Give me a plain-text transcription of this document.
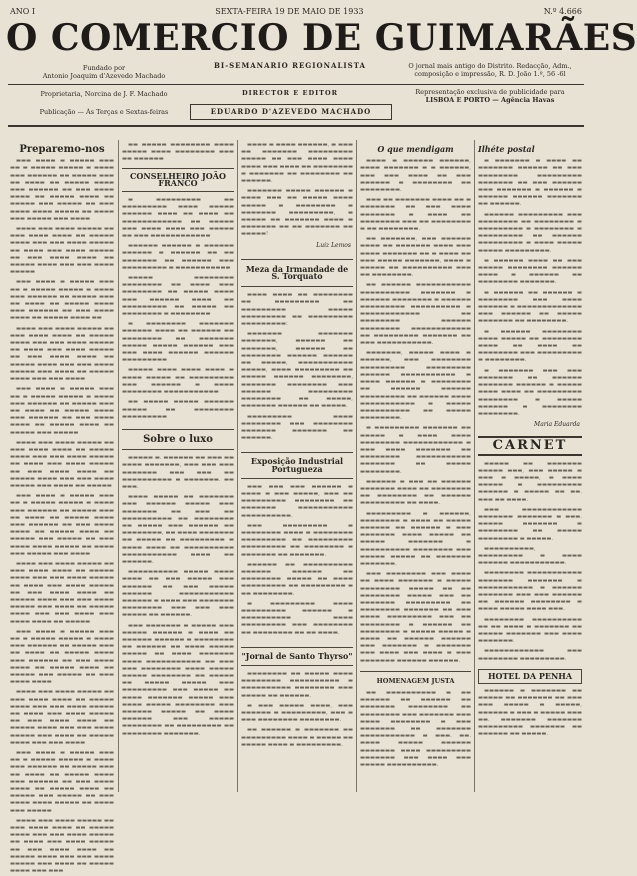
ANO I	SEXTA-FEIRA 19 DE MAIO DE 1933	N.º 4.666
O COMERCIO DE GUIMARÃES
Fundado por
Antonio Joaquim d'Azevedo Machado
BI-SEMANARIO REGIONALISTA	O jornal mais antigo do Distrito. Redacção, Adm., composição e impressão, R. D. João 1.º, 56 -6l
Proprietaria, Norcina de J. F. Machado	DIRECTOR E EDITOR	Representação exclusiva de publicidade para
LISBOA E PORTO — Agência Havas
Publicação — Às Terças e Sextas-feiras	EDUARDO D'AZEVEDO MACHADO
Preparemo-nos

▬▬▬ ▬▬▬▬ ▬ ▬▬▬▬▬ ▬▬▬ ▬▬ ▬ ▬▬▬▬▬ ▬▬▬▬▬ ▬ ▬▬▬▬ ▬▬▬ ▬▬▬▬▬▬ ▬▬ ▬▬▬▬▬ ▬▬▬ ▬▬ ▬▬▬▬ ▬▬ ▬▬▬▬▬ ▬▬▬▬ ▬▬▬ ▬▬▬▬▬▬ ▬▬ ▬▬▬ ▬▬▬▬ ▬▬▬▬ ▬▬ ▬▬▬▬▬ ▬▬▬▬ ▬▬ ▬▬▬▬▬ ▬▬▬ ▬▬▬▬▬ ▬▬ ▬▬▬ ▬▬▬▬ ▬▬▬▬ ▬▬▬▬▬ ▬▬ ▬▬▬▬ ▬▬▬ ▬▬▬▬▬ ▬▬▬ ▬▬▬▬

▬▬▬▬ ▬▬▬ ▬▬▬▬ ▬▬▬▬▬ ▬▬ ▬▬▬ ▬▬▬▬ ▬▬▬▬ ▬▬ ▬▬▬▬▬ ▬▬▬▬ ▬▬▬ ▬▬▬ ▬▬▬▬ ▬▬▬▬▬ ▬▬ ▬▬▬▬ ▬▬▬ ▬▬▬▬ ▬▬▬▬▬ ▬▬ ▬▬▬ ▬▬▬▬ ▬▬▬▬ ▬▬ ▬▬▬▬▬ ▬▬▬▬ ▬▬▬ ▬▬▬ ▬▬▬▬ ▬▬▬▬▬

▬▬▬ ▬▬▬▬ ▬ ▬▬▬▬▬ ▬▬▬ ▬▬ ▬ ▬▬▬▬▬ ▬▬▬▬▬ ▬ ▬▬▬▬ ▬▬▬ ▬▬▬▬▬▬ ▬▬ ▬▬▬▬▬ ▬▬▬ ▬▬ ▬▬▬▬ ▬▬ ▬▬▬▬▬ ▬▬▬▬ ▬▬▬ ▬▬▬▬▬▬ ▬▬ ▬▬▬ ▬▬▬▬ ▬▬▬▬ ▬▬ ▬▬▬▬▬ ▬▬▬▬ ▬▬

▬▬▬▬ ▬▬▬ ▬▬▬▬ ▬▬▬▬▬ ▬▬ ▬▬▬ ▬▬▬▬ ▬▬▬▬ ▬▬ ▬▬▬▬▬ ▬▬▬▬ ▬▬▬ ▬▬▬ ▬▬▬▬ ▬▬▬▬▬ ▬▬ ▬▬▬▬ ▬▬▬ ▬▬▬▬ ▬▬▬▬▬ ▬▬ ▬▬▬ ▬▬▬▬ ▬▬▬▬ ▬▬ ▬▬▬▬▬ ▬▬▬▬ ▬▬▬ ▬▬▬ ▬▬▬▬ ▬▬▬▬▬ ▬▬▬ ▬▬▬▬ ▬▬ ▬▬▬▬▬ ▬▬▬▬ ▬▬▬ ▬▬▬ ▬▬▬▬

▬▬▬ ▬▬▬▬ ▬ ▬▬▬▬▬ ▬▬▬ ▬▬ ▬ ▬▬▬▬▬ ▬▬▬▬▬ ▬ ▬▬▬▬ ▬▬▬ ▬▬▬▬▬▬ ▬▬ ▬▬▬▬▬ ▬▬▬ ▬▬ ▬▬▬▬ ▬▬ ▬▬▬▬▬ ▬▬▬▬ ▬▬▬ ▬▬▬▬▬▬ ▬▬ ▬▬▬ ▬▬▬▬ ▬▬▬▬ ▬▬ ▬▬▬▬▬ ▬▬▬▬ ▬▬ ▬▬▬▬▬ ▬▬▬ ▬▬▬▬▬

▬▬▬▬ ▬▬▬ ▬▬▬▬ ▬▬▬▬▬ ▬▬ ▬▬▬ ▬▬▬▬ ▬▬▬▬ ▬▬ ▬▬▬▬▬ ▬▬▬▬ ▬▬▬ ▬▬▬ ▬▬▬▬ ▬▬▬▬▬ ▬▬ ▬▬▬▬ ▬▬▬ ▬▬▬▬ ▬▬▬▬▬ ▬▬ ▬▬▬ ▬▬▬▬ ▬▬▬▬ ▬▬ ▬▬▬▬▬ ▬▬▬▬ ▬▬▬ ▬▬▬ ▬▬▬▬ ▬▬▬▬▬ ▬▬▬ ▬▬▬▬ ▬▬ ▬▬▬▬▬

▬▬▬ ▬▬▬▬ ▬ ▬▬▬▬▬ ▬▬▬ ▬▬ ▬ ▬▬▬▬▬ ▬▬▬▬▬ ▬ ▬▬▬▬ ▬▬▬ ▬▬▬▬▬▬ ▬▬ ▬▬▬▬▬ ▬▬▬ ▬▬ ▬▬▬▬ ▬▬ ▬▬▬▬▬ ▬▬▬▬ ▬▬▬ ▬▬▬▬▬▬ ▬▬ ▬▬▬ ▬▬▬▬ ▬▬▬▬ ▬▬ ▬▬▬▬▬ ▬▬▬▬ ▬▬ ▬▬▬▬▬ ▬▬▬ ▬▬▬▬▬ ▬▬ ▬▬▬ ▬▬▬▬ ▬▬▬▬ ▬▬▬▬▬ ▬▬ ▬▬▬▬ ▬▬▬ ▬▬▬▬▬ ▬▬▬ ▬▬▬▬

▬▬▬▬ ▬▬▬ ▬▬▬▬ ▬▬▬▬▬ ▬▬ ▬▬▬ ▬▬▬▬ ▬▬▬▬ ▬▬ ▬▬▬▬▬ ▬▬▬▬ ▬▬▬ ▬▬▬ ▬▬▬▬ ▬▬▬▬▬ ▬▬ ▬▬▬▬ ▬▬▬ ▬▬▬▬ ▬▬▬▬▬ ▬▬ ▬▬▬ ▬▬▬▬ ▬▬▬▬ ▬▬ ▬▬▬▬▬ ▬▬▬▬ ▬▬▬ ▬▬▬ ▬▬▬▬ ▬▬▬▬▬ ▬▬▬ ▬▬▬▬ ▬▬ ▬▬▬▬▬ ▬▬▬▬ ▬▬▬ ▬▬▬ ▬▬▬▬ ▬▬▬ ▬▬▬▬ ▬▬▬▬ ▬▬ ▬▬▬▬▬

▬▬▬ ▬▬▬▬ ▬ ▬▬▬▬▬ ▬▬▬ ▬▬ ▬ ▬▬▬▬▬ ▬▬▬▬▬ ▬ ▬▬▬▬ ▬▬▬ ▬▬▬▬▬▬ ▬▬ ▬▬▬▬▬ ▬▬▬ ▬▬ ▬▬▬▬ ▬▬ ▬▬▬▬▬ ▬▬▬▬ ▬▬▬ ▬▬▬▬▬▬ ▬▬ ▬▬▬ ▬▬▬▬ ▬▬▬▬ ▬▬ ▬▬▬▬▬ ▬▬▬▬ ▬▬ ▬▬▬▬▬ ▬▬▬ ▬▬▬▬▬ ▬▬ ▬▬▬ ▬▬▬▬ ▬▬▬▬

▬▬▬▬ ▬▬▬ ▬▬▬▬ ▬▬▬▬▬ ▬▬ ▬▬▬ ▬▬▬▬ ▬▬▬▬ ▬▬ ▬▬▬▬▬ ▬▬▬▬ ▬▬▬ ▬▬▬ ▬▬▬▬ ▬▬▬▬▬ ▬▬ ▬▬▬▬ ▬▬▬ ▬▬▬▬ ▬▬▬▬▬ ▬▬ ▬▬▬ ▬▬▬▬ ▬▬▬▬ ▬▬ ▬▬▬▬▬ ▬▬▬▬ ▬▬▬ ▬▬▬ ▬▬▬▬ ▬▬▬▬▬ ▬▬▬ ▬▬▬▬ ▬▬ ▬▬▬▬▬ ▬▬▬▬ ▬▬▬ ▬▬▬ ▬▬▬▬

▬▬▬ ▬▬▬▬ ▬ ▬▬▬▬▬ ▬▬▬ ▬▬ ▬ ▬▬▬▬▬ ▬▬▬▬▬ ▬ ▬▬▬▬ ▬▬▬ ▬▬▬▬▬▬ ▬▬ ▬▬▬▬▬ ▬▬▬ ▬▬ ▬▬▬▬ ▬▬ ▬▬▬▬▬ ▬▬▬▬ ▬▬▬ ▬▬▬▬▬▬ ▬▬ ▬▬▬ ▬▬▬▬ ▬▬▬▬ ▬▬ ▬▬▬▬▬ ▬▬▬▬ ▬▬ ▬▬▬▬▬ ▬▬▬ ▬▬▬▬▬ ▬▬ ▬▬▬ ▬▬▬▬ ▬▬▬▬ ▬▬▬▬▬ ▬▬ ▬▬▬▬ ▬▬▬ ▬▬▬▬▬

▬▬▬▬ ▬▬▬ ▬▬▬▬ ▬▬▬▬▬ ▬▬ ▬▬▬ ▬▬▬▬ ▬▬▬▬ ▬▬ ▬▬▬▬▬ ▬▬▬▬ ▬▬▬ ▬▬▬ ▬▬▬▬ ▬▬▬▬▬ ▬▬ ▬▬▬▬ ▬▬▬ ▬▬▬▬ ▬▬▬▬▬ ▬▬ ▬▬▬ ▬▬▬▬ ▬▬▬▬ ▬▬ ▬▬▬▬▬ ▬▬▬▬ ▬▬▬ ▬▬▬ ▬▬▬▬ ▬▬▬▬▬ ▬▬▬ ▬▬▬▬ ▬▬ ▬▬▬▬▬ ▬▬▬▬ ▬▬▬ ▬▬▬

▬▬ ▬▬▬▬▬ ▬▬▬▬▬▬▬▬ ▬▬▬▬ ▬▬▬▬▬ ▬▬▬▬ ▬▬▬▬▬▬▬▬ ▬▬▬ ▬▬ ▬▬▬▬▬▬

CONSELHEIRO JOÃO FRANCO

▬ ▬▬▬▬▬▬▬▬▬ ▬▬ ▬▬▬▬▬▬▬▬▬ ▬▬▬▬ ▬▬▬▬▬ ▬▬▬▬▬▬ ▬▬▬▬ ▬▬ ▬▬▬▬ ▬▬ ▬▬▬▬▬▬▬▬▬▬▬▬ ▬▬ ▬▬▬▬▬ ▬▬▬ ▬▬▬▬ ▬▬▬▬ ▬▬▬ ▬▬▬▬▬ ▬▬ ▬▬▬ ▬▬▬▬▬▬▬▬▬▬▬▬

▬▬▬▬▬▬ ▬▬▬▬▬▬ ▬ ▬▬▬▬▬▬ ▬▬▬▬▬▬ ▬ ▬▬▬▬▬▬ ▬▬ ▬▬ ▬▬▬▬▬▬▬ ▬▬ ▬▬▬▬▬▬ ▬▬▬ ▬▬▬▬▬▬▬▬▬ ▬ ▬▬▬▬▬▬▬▬▬▬▬

▬▬▬▬▬ ▬▬▬▬▬▬▬▬ ▬▬▬▬▬▬▬▬ ▬▬ ▬▬▬▬ ▬▬▬ ▬▬▬▬▬▬▬▬ ▬▬ ▬▬▬▬▬ ▬▬▬▬ ▬▬▬ ▬▬▬▬▬▬ ▬▬▬▬ ▬▬ ▬▬▬▬▬▬▬▬▬ ▬▬ ▬▬▬▬▬ ▬▬ ▬▬▬▬▬▬▬▬ ▬ ▬▬▬▬▬▬▬▬

▬ ▬▬▬▬▬▬▬▬ ▬▬▬▬▬▬▬ ▬▬▬▬▬▬ ▬▬▬▬ ▬▬ ▬▬▬▬▬▬ ▬▬ ▬▬▬▬▬▬▬▬ ▬▬ ▬▬▬▬▬▬▬ ▬▬▬▬▬ ▬▬▬▬▬ ▬▬▬▬▬▬ ▬▬▬ ▬▬▬ ▬▬▬▬ ▬▬▬▬▬▬ ▬▬▬▬▬▬ ▬▬▬▬▬▬▬▬▬

▬▬▬▬▬ ▬▬▬▬ ▬▬▬▬ ▬▬▬▬ ▬ ▬▬▬▬ ▬▬▬▬▬ ▬▬ ▬▬▬▬▬▬▬▬▬ ▬▬▬ ▬▬▬▬▬▬ ▬ ▬▬▬▬ ▬▬▬▬▬▬▬▬ ▬▬▬▬▬▬▬▬▬▬▬

▬▬ ▬▬▬▬▬ ▬▬▬▬▬ ▬▬▬▬▬▬ ▬▬▬▬▬ ▬▬ ▬▬▬▬▬▬▬▬ ▬▬▬▬▬▬▬▬▬

Sobre o luxo

▬▬▬▬▬ ▬. ▬▬▬▬▬▬ ▬▬ ▬▬▬ ▬▬ ▬▬▬▬ ▬▬▬▬▬▬▬, ▬▬▬ ▬▬▬ ▬▬▬ ▬▬▬▬▬▬▬ ▬▬▬ ▬▬▬ ▬▬ ▬▬▬▬▬▬▬▬▬▬ ▬ ▬▬▬▬▬▬▬. ▬▬ ▬▬▬.

▬▬▬▬ ▬▬▬▬▬ ▬▬ ▬▬▬▬▬▬▬ ▬▬▬ ▬▬▬▬▬▬ ▬▬▬▬▬ ▬▬▬ ▬▬▬▬▬▬▬ ▬▬ ▬▬▬ ▬▬ ▬▬▬▬▬▬▬▬▬▬ ▬▬ ▬▬▬▬▬▬▬▬ ▬▬ ▬▬▬▬▬ ▬▬▬ ▬▬▬▬▬▬ ▬▬ ▬▬▬▬▬▬▬▬, ▬▬ ▬▬▬▬ ▬▬▬▬▬▬▬ ▬▬ ▬▬▬▬▬ ▬▬ ▬▬▬▬▬▬▬▬▬ ▬ ▬▬▬▬ ▬▬▬▬ ▬▬ ▬▬▬▬▬▬▬▬▬▬ ▬▬▬▬▬▬▬▬▬▬▬ ▬▬▬▬ ▬▬ ▬▬▬▬▬▬.

▬▬▬▬▬▬▬▬▬▬ ▬▬▬▬▬ ▬▬▬▬ ▬▬▬▬ ▬▬ ▬▬▬ ▬▬▬▬▬ ▬▬▬ ▬▬▬▬▬▬ ▬▬ ▬▬▬ ▬▬▬▬▬ ▬▬▬▬▬▬ ▬▬▬▬▬▬▬▬▬▬▬ ▬▬▬▬▬▬ ▬ ▬▬▬▬ ▬▬▬ ▬▬▬▬▬▬▬ ▬▬▬▬▬▬▬▬ ▬▬▬ ▬▬▬ ▬▬▬ ▬▬▬▬▬ ▬▬ ▬▬▬▬▬▬.

▬▬▬ ▬▬▬▬▬▬▬ ▬ ▬▬▬▬▬ ▬▬▬ ▬▬▬▬▬ ▬▬▬▬▬▬ ▬ ▬▬▬▬ ▬▬ ▬▬▬▬▬▬ ▬▬▬▬▬▬ ▬ ▬▬▬▬▬▬▬▬ ▬▬ ▬▬▬▬▬▬ ▬▬ ▬▬▬▬ ▬▬▬▬▬ ▬▬▬▬▬ ▬▬ ▬▬▬▬ ▬▬▬▬▬▬▬ ▬▬▬▬ ▬▬▬▬▬▬▬▬▬▬▬ ▬▬ ▬▬▬ ▬▬▬ ▬▬▬▬▬▬▬▬ ▬▬▬▬ ▬▬▬▬▬ ▬▬▬▬▬ ▬▬▬▬▬▬▬▬ ▬▬ ▬▬▬▬▬ ▬▬ ▬▬▬▬▬ ▬▬▬▬▬ ▬▬▬ ▬▬▬▬▬▬▬▬▬ ▬▬▬ ▬▬▬▬▬ ▬▬ ▬▬▬▬ ▬▬▬▬▬▬▬ ▬▬▬▬▬ ▬▬▬ ▬▬▬▬ ▬▬▬▬▬ ▬▬▬▬▬▬▬▬ ▬▬▬ ▬▬▬▬▬▬ ▬▬▬▬▬ ▬▬ ▬▬▬▬ ▬▬▬▬▬▬ ▬▬▬ ▬▬▬▬▬ ▬▬▬▬▬▬▬▬ ▬▬ ▬▬▬▬▬▬▬▬▬ ▬▬ ▬▬▬▬▬▬▬▬ ▬▬▬▬▬▬▬.

▬▬▬▬ ▬ ▬▬▬▬ ▬▬▬▬▬▬, ▬ ▬▬▬ ▬▬ ▬▬▬▬▬▬▬ ▬▬▬▬▬▬▬▬▬ ▬▬▬▬▬ ▬▬ ▬▬▬ ▬▬▬▬ ▬▬▬▬ ▬▬▬▬ ▬▬▬ ▬▬▬▬ ▬▬ ▬▬▬▬▬▬▬▬ ▬ ▬▬▬▬▬▬▬ ▬▬ ▬▬▬▬▬▬▬▬ ▬▬ ▬▬▬▬▬▬.

▬▬▬▬▬▬▬ ▬▬▬▬▬ ▬▬▬▬▬▬ ▬ ▬▬▬▬ ▬▬▬ ▬▬ ▬▬▬▬▬ ▬▬▬▬ ▬▬▬▬▬ ▬ ▬▬▬▬▬▬▬▬ ▬ ▬▬▬▬▬▬▬ ▬▬▬▬▬▬▬▬▬, ▬ ▬▬▬▬▬ ▬▬ ▬▬▬▬▬▬▬ ▬▬▬▬ ▬ ▬▬▬▬▬▬▬ ▬▬ ▬▬ ▬▬▬▬▬▬▬ ▬▬ ▬▬▬▬▬!

Luiz Lemos
Meza da Irmandade de S. Torquato

▬▬▬▬ ▬▬▬▬ ▬▬ ▬▬▬▬▬▬▬▬ ▬▬ ▬▬▬▬▬▬▬▬▬ ▬▬ ▬▬▬▬▬▬▬▬▬ ▬▬▬▬▬ ▬▬▬▬▬▬▬▬▬ ▬▬ ▬▬▬▬▬▬▬▬▬ ▬▬▬▬▬▬▬▬▬:

▬▬▬▬▬▬▬ ▬▬▬▬▬▬▬ ▬▬▬▬▬▬▬, ▬▬▬▬▬▬ ▬▬ ▬▬▬▬▬▬▬, ▬▬▬▬▬▬ ▬▬ ▬▬▬▬▬▬▬▬ ▬▬▬▬▬▬ ▬▬▬▬▬▬ ▬▬ ▬▬▬▬▬, ▬▬▬▬▬▬▬▬▬▬▬ ▬▬▬▬▬, ▬▬▬▬ ▬▬▬▬▬▬▬▬▬ ▬▬ ▬▬▬▬▬ ▬▬▬▬▬▬ ▬▬▬▬▬▬▬▬, ▬▬▬▬▬▬▬ ▬▬▬▬▬▬▬▬ ▬▬▬ ▬▬▬▬▬▬ ▬▬▬▬▬▬▬▬▬ ▬▬▬▬▬▬▬▬ ▬▬ ▬▬▬▬▬, ▬▬▬▬▬▬▬ ▬▬▬▬▬▬ ▬▬ ▬▬▬▬▬.

▬▬▬▬▬▬▬▬▬ ▬▬▬▬ ▬▬▬▬▬▬▬▬ ▬▬▬ ▬▬▬▬▬▬▬▬ ▬▬▬▬▬▬▬ ▬▬▬▬▬▬▬ ▬▬ ▬▬▬▬▬▬.

Exposição Industrial Portugueza

▬▬▬ ▬▬▬ ▬▬▬ ▬▬▬▬▬▬ ▬ ▬▬▬▬ ▬ ▬▬▬ ▬▬▬▬▬, ▬▬▬ ▬▬ ▬▬▬▬▬▬▬▬▬ ▬▬▬▬▬▬▬▬ ▬▬ ▬▬▬▬▬▬▬ ▬▬▬▬▬▬▬▬▬▬▬ ▬▬▬▬▬▬▬▬▬▬.

▬▬▬ ▬▬▬▬▬▬▬▬▬ ▬ ▬▬▬▬▬▬▬▬ ▬▬▬▬ ▬ ▬▬▬▬▬▬▬▬ ▬▬▬▬▬▬▬▬▬ ▬▬ ▬▬▬▬▬▬▬▬▬ ▬▬▬▬▬▬▬▬▬ ▬▬ ▬▬▬▬▬▬▬▬ ▬ ▬▬▬▬▬▬▬ ▬▬ ▬▬▬▬▬▬▬.

▬▬▬▬▬▬ ▬▬ ▬▬▬▬▬▬▬▬▬▬ ▬▬▬▬▬▬ ▬▬▬▬▬▬ ▬▬ ▬▬▬▬▬▬▬▬ ▬▬▬▬▬ ▬▬ ▬▬▬▬ ▬▬▬▬▬▬▬▬▬ ▬▬ ▬▬▬▬▬▬▬▬▬ ▬ ▬▬ ▬▬▬▬▬▬▬▬.

▬ ▬▬▬▬▬▬▬▬▬ ▬▬▬▬ ▬▬▬▬▬▬▬▬▬ ▬▬▬▬▬▬ ▬ ▬▬▬▬▬▬▬▬▬▬ ▬▬▬▬ ▬▬▬▬▬▬▬▬▬ ▬▬▬ ▬▬▬▬▬▬▬▬ ▬▬ ▬▬▬▬▬▬▬▬ ▬▬ ▬▬ ▬▬▬▬.

"Jornal de Santo Thyrso"

▬▬▬▬▬▬▬▬ ▬▬ ▬▬▬▬▬ ▬▬▬▬ ▬▬▬▬▬▬▬▬ ▬▬▬▬▬▬▬▬▬▬ ▬ ▬▬▬▬▬▬▬▬▬▬ ▬▬▬▬▬▬▬▬ ▬▬▬ ▬▬▬▬▬ ▬▬ ▬▬▬▬▬▬.

▬ ▬▬▬ ▬▬▬▬▬ ▬▬▬▬, ▬▬▬ ▬▬▬▬▬▬ ▬ ▬▬▬▬▬▬▬▬▬, ▬▬▬ ▬ ▬▬▬ ▬▬▬▬▬▬▬▬ ▬▬▬▬▬▬▬▬.

▬▬ ▬▬▬▬▬▬ ▬ ▬▬▬▬▬▬▬ ▬▬ ▬▬▬▬▬▬▬▬▬ ▬▬▬▬ ▬ ▬▬▬▬▬ ▬▬ ▬▬▬▬▬ ▬▬▬▬ ▬ ▬▬▬▬▬▬▬▬▬.

O que mendigam

▬▬▬▬ ▬ ▬▬▬▬▬▬ ▬▬▬▬▬▬, ▬▬▬▬ ▬▬▬▬▬▬▬ ▬ ▬ ▬▬▬▬▬▬, ▬▬▬ ▬▬▬ ▬▬▬▬ ▬▬ ▬▬▬ ▬▬▬▬▬▬ ▬ ▬▬▬▬▬▬▬▬ ▬▬ ▬▬▬▬▬▬▬▬.

▬▬▬ ▬▬ ▬▬▬▬▬▬▬ ▬▬▬▬ ▬▬ ▬ ▬▬▬▬▬▬▬ ▬▬ ▬▬▬ ▬▬▬▬ ▬▬▬▬▬▬▬ ▬ ▬▬▬▬ ▬▬ ▬▬▬▬▬▬▬▬ ▬▬▬ ▬▬ ▬▬▬▬▬▬▬▬ ▬ ▬▬ ▬▬▬▬▬▬▬▬.

▬▬ ▬▬▬▬▬▬▬, ▬▬▬ ▬▬▬▬▬▬ ▬▬▬▬ ▬▬ ▬▬▬▬▬▬▬ ▬▬▬▬ ▬▬▬ ▬▬▬▬ ▬▬▬▬▬▬▬ ▬▬ ▬ ▬▬▬▬ ▬▬ ▬▬▬ ▬▬▬▬▬ ▬▬▬▬▬▬▬, ▬▬▬▬ ▬ ▬▬▬▬▬ ▬▬ ▬▬▬▬▬▬▬▬▬▬ ▬▬▬ ▬▬ ▬▬▬▬▬▬▬▬.

▬▬ ▬▬▬▬▬▬ ▬▬▬▬▬▬▬▬▬▬▬ ▬▬▬▬▬▬▬▬▬▬ ▬▬▬▬▬▬▬ ▬ ▬▬▬▬▬▬ ▬▬▬▬▬▬▬▬ ▬ ▬▬▬▬▬▬ ▬▬▬▬▬▬▬▬▬ ▬▬▬▬▬▬▬▬▬▬ ▬ ▬▬▬▬▬▬▬▬▬▬▬▬ ▬▬ ▬▬▬▬▬▬▬▬ ▬▬▬▬▬▬ ▬▬▬▬▬▬▬▬ ▬▬▬▬▬▬▬▬▬▬▬▬ ▬▬ ▬▬▬▬▬▬▬▬▬ ▬▬▬▬▬▬▬ ▬▬ ▬▬▬ ▬▬▬▬▬▬▬▬▬▬▬.

▬▬▬▬▬▬▬, ▬▬▬▬▬ ▬▬▬▬ ▬ ▬▬▬▬▬▬, ▬▬▬ ▬▬▬▬▬▬▬▬ ▬▬▬▬▬▬▬▬▬ ▬▬▬▬▬▬▬▬▬ ▬▬▬▬▬▬ ▬▬▬▬▬▬▬▬▬▬▬ ▬ ▬▬▬▬ ▬▬▬▬▬▬ ▬ ▬▬▬▬▬▬▬▬ ▬▬ ▬▬▬▬▬▬ ▬▬▬▬▬▬ ▬▬▬▬▬▬▬▬▬ ▬▬ ▬▬▬▬▬▬ ▬▬▬▬ ▬▬▬▬▬▬▬▬▬▬▬ ▬ ▬▬▬▬▬ ▬▬▬▬▬▬▬▬▬▬ ▬▬ ▬▬▬▬▬ ▬▬▬▬▬▬▬▬.

▬ ▬▬▬▬▬▬▬▬▬ ▬▬▬▬▬▬▬ ▬▬ ▬▬▬▬▬ ▬ ▬▬▬▬ ▬▬▬▬ ▬▬▬▬▬▬▬▬ ▬▬▬▬▬▬▬▬▬▬▬▬ ▬ ▬▬▬ ▬▬▬▬ ▬▬▬▬▬▬▬ ▬▬ ▬▬▬▬▬▬▬▬ ▬▬▬▬▬▬▬▬▬▬▬ ▬▬▬▬▬▬▬ ▬▬ ▬▬▬▬▬ ▬▬▬▬▬▬▬▬.

▬▬▬▬▬▬ ▬ ▬▬▬ ▬▬ ▬▬▬▬▬▬ ▬▬▬▬▬▬▬ ▬▬▬▬ ▬▬ ▬▬▬▬▬▬▬▬ ▬▬ ▬▬▬▬▬▬▬▬ ▬▬ ▬▬▬▬▬▬ ▬▬▬▬▬▬▬▬▬ ▬▬ ▬▬▬▬.

▬▬▬▬▬▬▬▬▬ ▬ ▬▬▬▬▬▬, ▬▬▬▬▬▬▬▬ ▬ ▬▬▬▬ ▬▬ ▬▬▬▬▬ ▬▬▬▬▬▬ ▬▬ ▬▬▬▬▬▬ ▬ ▬▬▬ ▬▬▬▬▬▬▬ ▬▬▬▬ ▬▬▬▬▬ ▬▬ ▬▬▬▬▬ ▬▬▬▬▬▬▬ ▬ ▬▬▬▬▬▬▬▬▬▬ ▬▬▬▬▬▬▬▬ ▬▬▬ ▬▬▬▬▬ ▬▬▬▬▬ ▬▬ ▬▬▬▬▬▬▬ ▬▬▬▬▬▬▬.

▬▬▬ ▬▬▬▬▬▬▬▬ ▬▬▬ ▬▬▬▬ ▬▬ ▬▬▬▬ ▬▬▬▬▬▬▬ ▬ ▬▬▬▬▬ ▬▬▬▬▬▬▬▬ ▬▬▬▬▬ ▬▬ ▬▬ ▬▬▬▬▬▬▬▬ ▬▬▬▬▬ ▬▬▬ ▬▬ ▬▬▬▬▬▬▬ ▬▬▬▬▬▬▬▬▬ ▬▬ ▬▬▬▬▬▬▬▬ ▬▬▬▬▬▬▬ ▬▬ ▬▬▬ ▬▬▬▬ ▬▬▬▬▬▬▬▬▬ ▬▬▬ ▬▬ ▬▬▬▬▬▬▬▬ ▬ ▬▬▬▬▬▬ ▬▬ ▬▬▬▬▬▬▬▬ ▬ ▬▬▬▬▬ ▬▬▬▬▬ ▬ ▬▬▬▬ ▬▬ ▬▬▬▬▬▬ ▬▬▬▬▬▬ ▬▬▬ ▬▬▬▬▬▬▬ ▬ ▬▬▬▬▬▬▬ ▬▬▬ ▬▬▬▬ ▬▬▬ ▬▬▬▬ ▬ ▬▬▬ ▬▬▬▬▬▬▬ ▬▬▬▬▬▬ ▬▬▬▬▬▬.

HOMENAGEM JUSTA

▬▬ ▬▬▬▬▬▬▬▬▬▬ ▬ ▬▬ ▬▬▬▬▬▬ ▬▬ ▬▬▬▬▬▬ ▬▬ ▬▬▬▬▬▬▬ ▬▬▬▬▬▬▬▬ ▬▬ ▬▬▬▬▬▬▬▬ ▬▬▬ ▬▬▬▬▬▬▬ ▬▬▬ ▬▬▬▬ ▬▬▬▬▬▬▬▬ ▬ ▬▬▬ ▬▬▬▬▬▬▬ ▬▬ ▬▬▬▬▬▬▬ ▬▬▬▬▬▬▬▬▬▬▬ ▬ ▬▬▬. ▬▬. ▬▬▬▬ ▬▬▬▬▬ ▬▬▬▬▬▬ ▬▬▬▬▬▬▬ ▬▬▬▬ ▬▬▬▬▬▬▬▬▬ ▬▬▬▬▬▬▬ ▬▬▬ ▬▬▬▬ ▬▬▬ ▬▬▬▬▬ ▬▬▬▬▬▬▬▬▬▬.

Ilhéte postal

▬ ▬▬▬▬▬▬▬ ▬ ▬▬▬▬ ▬▬ ▬▬▬▬▬▬▬ ▬▬▬▬▬▬ ▬▬ ▬▬▬ ▬▬▬▬▬▬▬▬ ▬▬▬▬▬▬▬▬▬ ▬▬▬▬▬▬▬ ▬▬ ▬▬▬ ▬▬▬▬▬▬ ▬▬▬ ▬▬▬▬▬▬▬ ▬ ▬▬▬▬▬▬ ▬ ▬▬▬▬▬▬ ▬▬▬▬▬▬ ▬▬▬▬▬▬▬ ▬▬ ▬▬▬▬▬▬.

▬▬▬▬▬▬ ▬▬▬▬▬▬▬▬▬ ▬▬▬ ▬▬▬▬▬▬▬▬ ▬▬ ▬▬▬▬▬▬▬▬ ▬ ▬▬▬▬▬▬▬▬▬ ▬ ▬▬▬▬▬▬▬▬ ▬ ▬▬▬▬▬▬▬▬▬ ▬▬ ▬▬▬▬▬▬ ▬▬▬▬▬▬▬▬▬ ▬ ▬▬▬▬ ▬▬▬▬▬ ▬▬▬▬▬ ▬▬▬▬▬▬▬▬▬.

▬ ▬▬▬▬▬▬ ▬▬▬▬ ▬▬ ▬▬▬ ▬▬▬▬▬ ▬▬▬▬▬▬▬▬ ▬▬▬▬▬▬ ▬▬▬▬ ▬ ▬▬▬▬▬▬ ▬▬ ▬▬▬▬▬▬▬▬ ▬▬▬▬▬▬▬.

▬ ▬▬▬▬▬▬ ▬▬ ▬▬▬▬▬▬ ▬ ▬▬▬▬▬▬▬▬ ▬▬▬ ▬▬▬▬ ▬▬▬▬▬▬ ▬ ▬▬▬▬▬▬▬▬▬▬▬▬▬ ▬▬▬ ▬▬▬▬▬▬ ▬▬ ▬▬▬▬▬ ▬▬▬▬▬▬▬ ▬▬ ▬▬▬▬▬▬▬▬.

▬ ▬▬▬▬▬▬ ▬▬▬▬▬▬▬▬ ▬▬▬▬ ▬▬▬▬▬ ▬▬ ▬▬▬▬▬▬▬▬ ▬▬▬▬ ▬▬ ▬▬▬▬ ▬▬ ▬▬▬▬▬▬▬▬ ▬▬▬ ▬▬▬▬▬▬▬▬▬ ▬ ▬▬▬▬▬▬▬▬.

▬ ▬▬▬▬▬▬▬ ▬▬▬ ▬▬▬ ▬▬▬▬▬▬▬ ▬▬ ▬▬▬▬▬▬ ▬▬▬▬▬▬▬ ▬▬▬▬▬▬ ▬ ▬▬▬▬▬ ▬▬▬▬ ▬▬▬▬ ▬▬ ▬▬▬▬▬▬▬▬▬ ▬▬▬▬▬▬▬▬ ▬ ▬▬▬▬▬ ▬▬▬▬▬▬ ▬ ▬▬▬▬▬▬▬▬ ▬▬▬▬▬▬▬▬.

Maria Eduarda
CARNET

▬▬▬▬▬ ▬▬ ▬▬▬▬▬▬▬ ▬▬▬▬▬ ▬▬▬, ▬▬▬ ▬▬▬▬▬ ▬ ▬▬▬ ▬ ▬▬▬▬▬, ▬ ▬▬▬▬ ▬▬▬▬▬ ▬ ▬▬▬▬▬▬▬▬▬ ▬▬▬▬▬▬ ▬ ▬▬▬▬▬ ▬▬ ▬▬. ▬▬▬ ▬▬ ▬▬▬▬.

▬▬▬ ▬▬▬▬▬▬▬▬▬▬▬▬ ▬▬▬▬▬▬▬ ▬▬▬▬▬▬▬ ▬ ▬▬▬. ▬▬▬▬▬ ▬▬▬▬▬▬▬ ▬ ▬▬▬▬▬▬▬▬ ▬▬ ▬▬▬▬▬ ▬▬▬▬▬▬▬▬ ▬ ▬▬▬▬▬.

▬▬▬▬▬▬▬▬▬▬, ▬▬▬▬▬▬▬▬▬ ▬ ▬▬▬▬ ▬▬▬▬▬▬ ▬▬▬▬▬▬▬▬▬▬▬.

▬▬▬▬▬▬▬▬ ▬▬▬▬▬▬▬▬▬▬▬ ▬▬▬▬▬▬▬ ▬▬▬▬▬▬▬ ▬ ▬▬▬▬▬▬▬▬▬▬▬ ▬ ▬▬▬▬▬▬ ▬▬▬▬▬▬▬ ▬▬▬ ▬▬▬ ▬▬▬▬▬▬ ▬▬ ▬▬▬▬▬▬ ▬▬▬▬▬▬▬▬ ▬ ▬▬▬▬ ▬▬▬▬▬ ▬▬▬▬ ▬▬▬.

▬▬▬▬▬▬▬▬ ▬▬▬▬▬▬▬▬▬▬ ▬▬ ▬▬ ▬▬▬▬ ▬ ▬▬▬▬▬▬▬ ▬▬ ▬▬▬▬▬ ▬▬▬▬▬▬▬ ▬▬▬ ▬▬▬▬ ▬▬▬▬▬▬▬.

▬▬▬▬▬▬▬▬▬▬▬▬ ▬▬▬ ▬▬▬▬▬▬▬▬ ▬▬▬▬▬▬▬▬▬.

HOTEL DA PENHA

▬▬▬▬▬▬ ▬ ▬▬▬▬▬▬▬ ▬▬ ▬▬▬▬▬ ▬▬ ▬▬▬▬▬▬▬ ▬▬ ▬▬▬ ▬▬▬ ▬▬▬▬▬ ▬ ▬▬▬▬▬, ▬▬▬▬▬▬ ▬ ▬▬▬ ▬ ▬▬▬▬▬ ▬▬▬ ▬▬. ▬▬▬▬▬▬▬ ▬▬▬▬▬▬▬ ▬▬▬▬▬▬▬▬▬ ▬▬▬▬▬▬▬ ▬▬ ▬▬▬▬▬▬ ▬▬ ▬▬▬▬▬.
